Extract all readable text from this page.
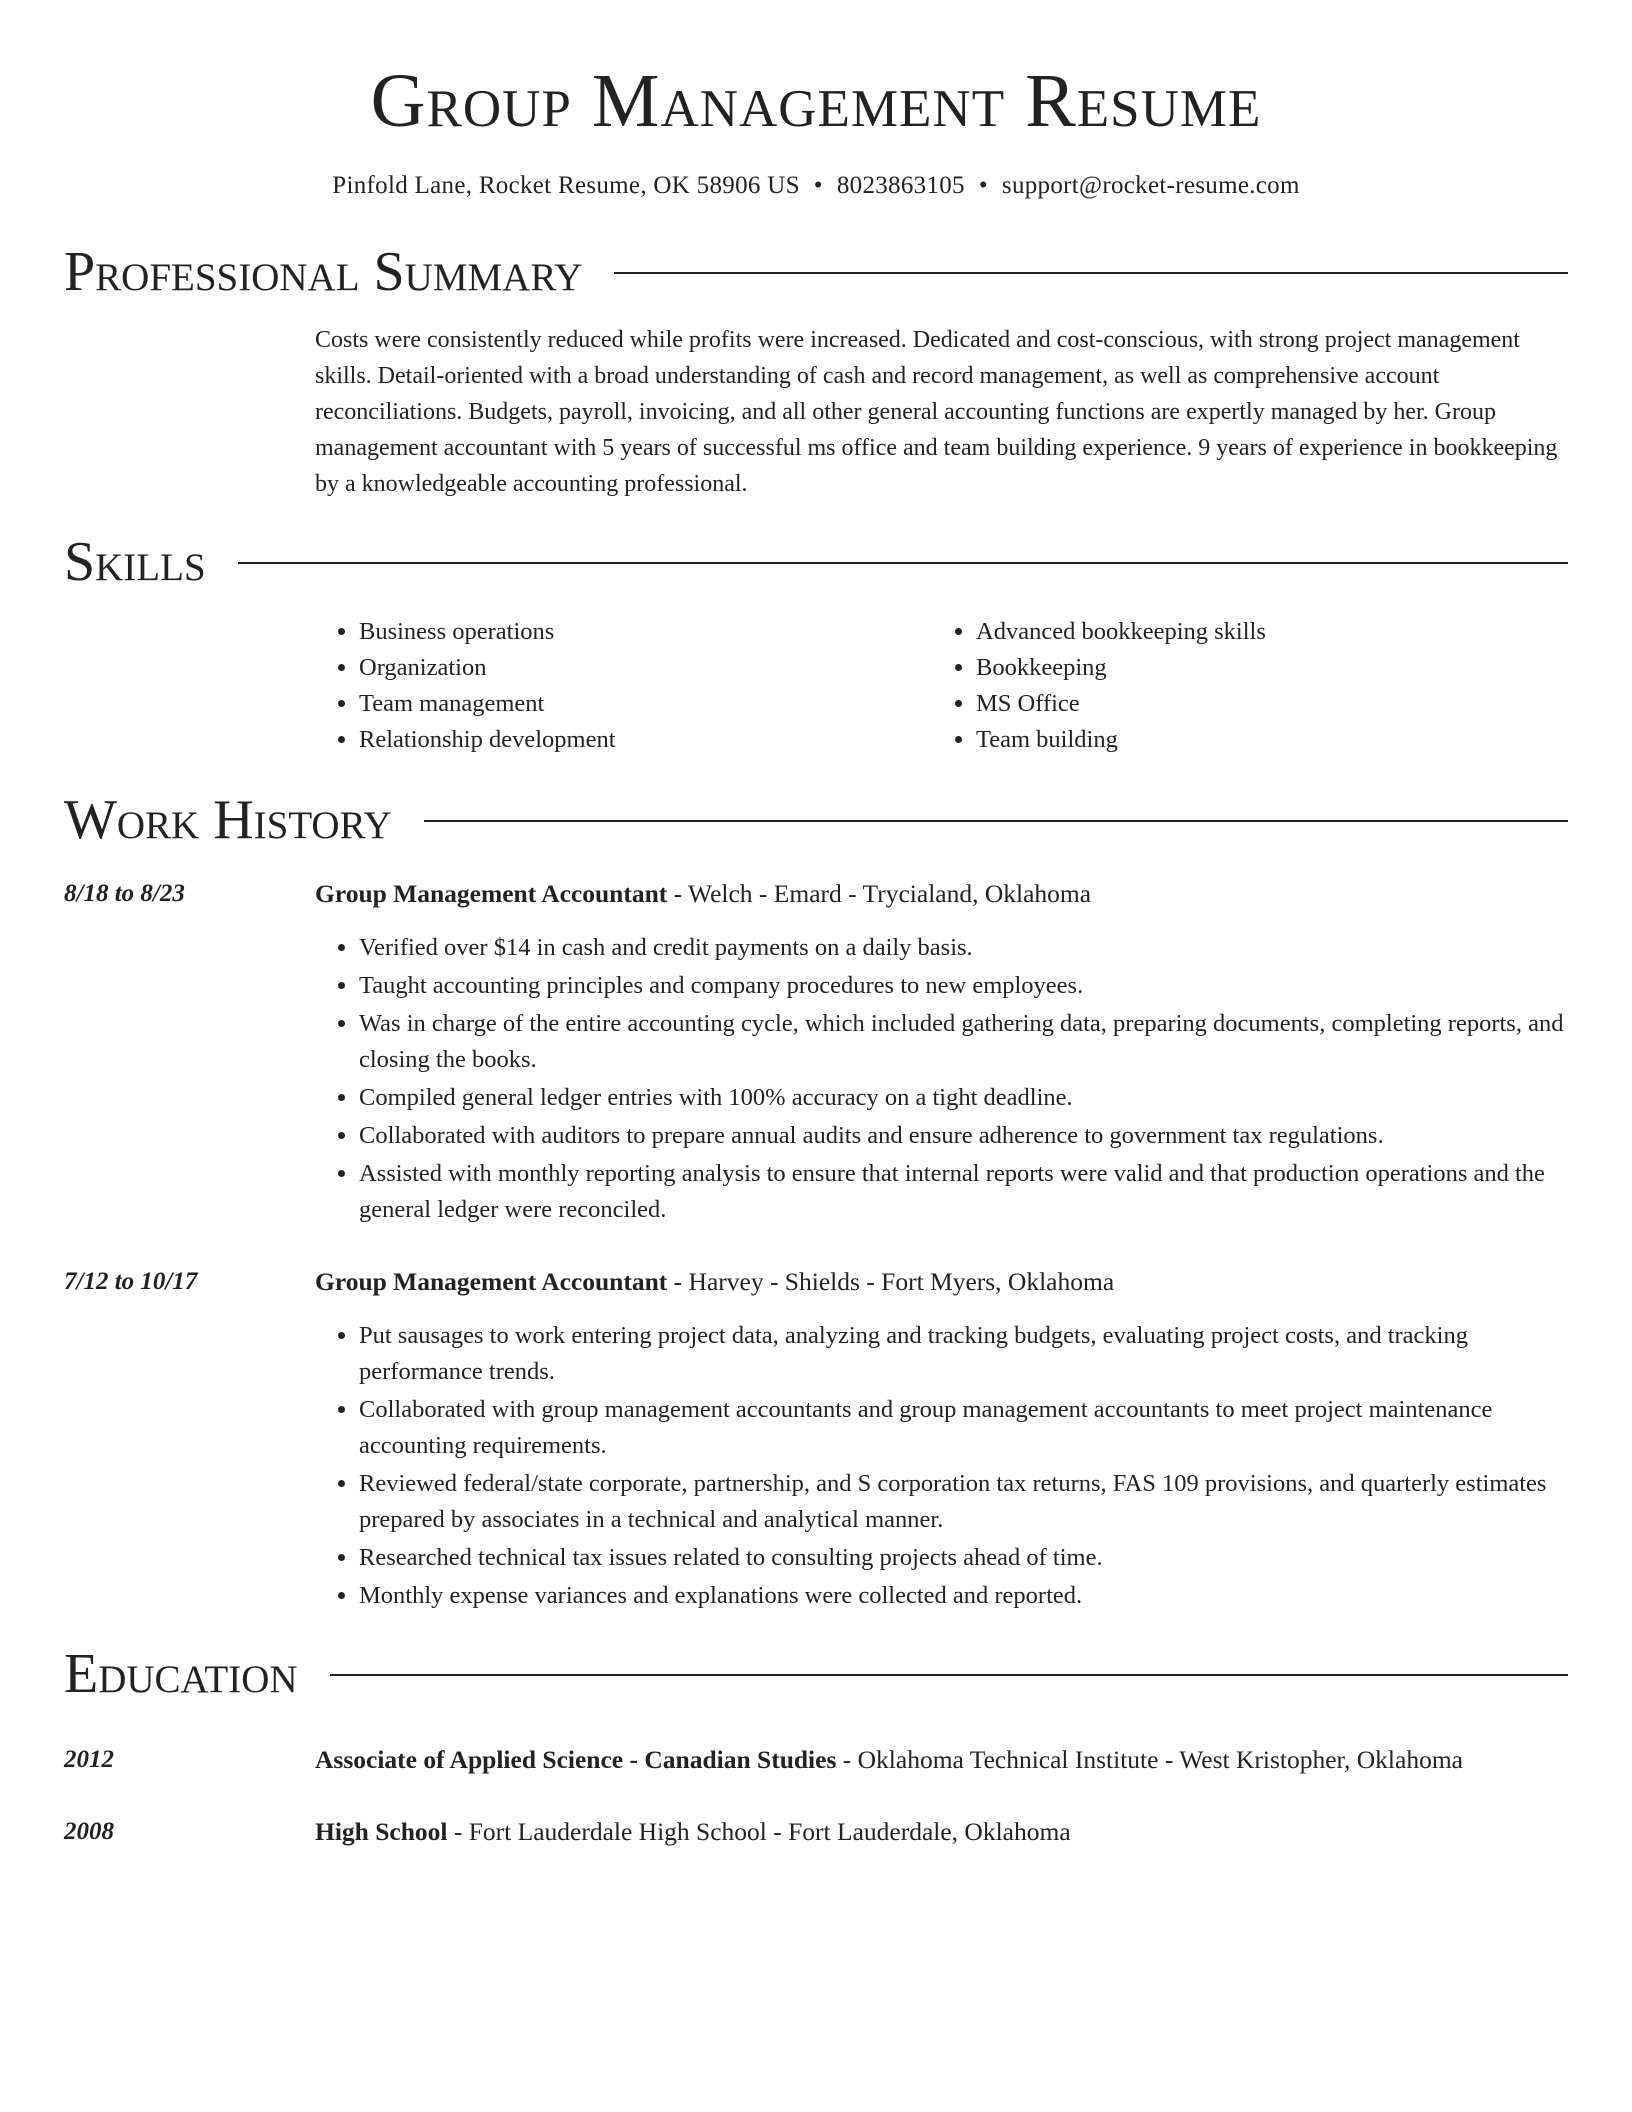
Group Management Resume
Pinfold Lane, Rocket Resume, OK 58906 US • 8023863105 • support@rocket-resume.com
Professional Summary
Costs were consistently reduced while profits were increased. Dedicated and cost-conscious, with strong project management skills. Detail-oriented with a broad understanding of cash and record management, as well as comprehensive account reconciliations. Budgets, payroll, invoicing, and all other general accounting functions are expertly managed by her. Group management accountant with 5 years of successful ms office and team building experience. 9 years of experience in bookkeeping by a knowledgeable accounting professional.
Skills
• Business operations
• Organization
• Team management
• Relationship development
• Advanced bookkeeping skills
• Bookkeeping
• MS Office
• Team building
Work History
8/18 to 8/23	Group Management Accountant - Welch - Emard - Trycialand, Oklahoma
• Verified over $14 in cash and credit payments on a daily basis.
• Taught accounting principles and company procedures to new employees.
• Was in charge of the entire accounting cycle, which included gathering data, preparing documents, completing reports, and closing the books.
• Compiled general ledger entries with 100% accuracy on a tight deadline.
• Collaborated with auditors to prepare annual audits and ensure adherence to government tax regulations.
• Assisted with monthly reporting analysis to ensure that internal reports were valid and that production operations and the general ledger were reconciled.
7/12 to 10/17	Group Management Accountant - Harvey - Shields - Fort Myers, Oklahoma
• Put sausages to work entering project data, analyzing and tracking budgets, evaluating project costs, and tracking performance trends.
• Collaborated with group management accountants and group management accountants to meet project maintenance accounting requirements.
• Reviewed federal/state corporate, partnership, and S corporation tax returns, FAS 109 provisions, and quarterly estimates prepared by associates in a technical and analytical manner.
• Researched technical tax issues related to consulting projects ahead of time.
• Monthly expense variances and explanations were collected and reported.
Education
2012	Associate of Applied Science - Canadian Studies - Oklahoma Technical Institute - West Kristopher, Oklahoma
2008	High School - Fort Lauderdale High School - Fort Lauderdale, Oklahoma
